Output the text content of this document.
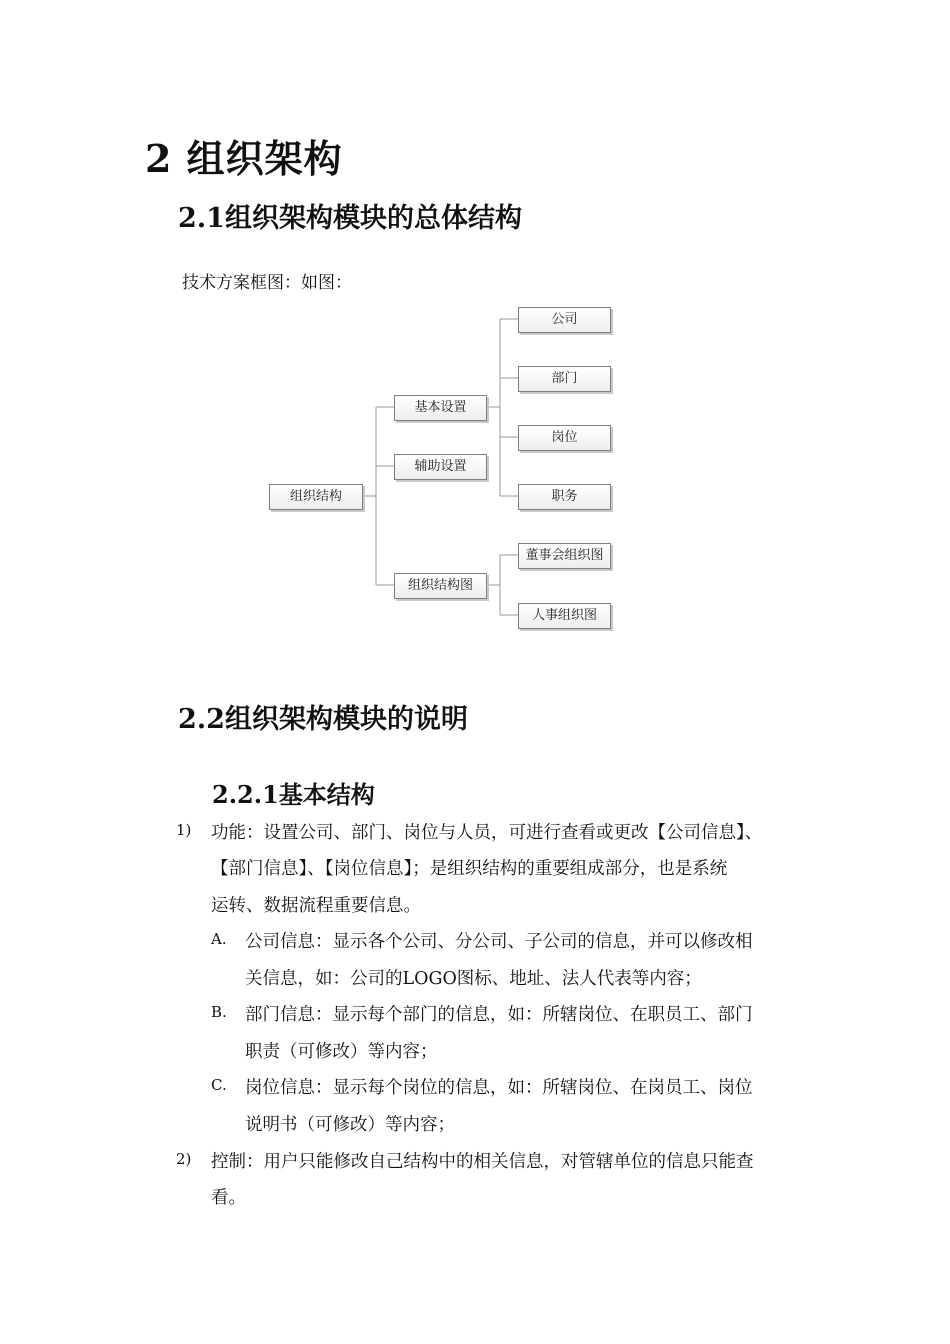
2 组织架构
2.1组织架构模块的总体结构
技术方案框图：如图：
组织结构
基本设置
辅助设置
组织结构图
公司
部门
岗位
职务
董事会组织图
人事组织图
2.2组织架构模块的说明
2.2.1基本结构
1) 功能：设置公司、部门、岗位与人员，可进行查看或更改【公司信息】、
【部门信息】、【岗位信息】；是组织结构的重要组成部分，也是系统
运转、数据流程重要信息。
A. 公司信息：显示各个公司、分公司、子公司的信息，并可以修改相
关信息，如：公司的LOGO图标、地址、法人代表等内容；
B. 部门信息：显示每个部门的信息，如：所辖岗位、在职员工、部门
职责（可修改）等内容；
C. 岗位信息：显示每个岗位的信息，如：所辖岗位、在岗员工、岗位
说明书（可修改）等内容；
2) 控制：用户只能修改自己结构中的相关信息，对管辖单位的信息只能查
看。
